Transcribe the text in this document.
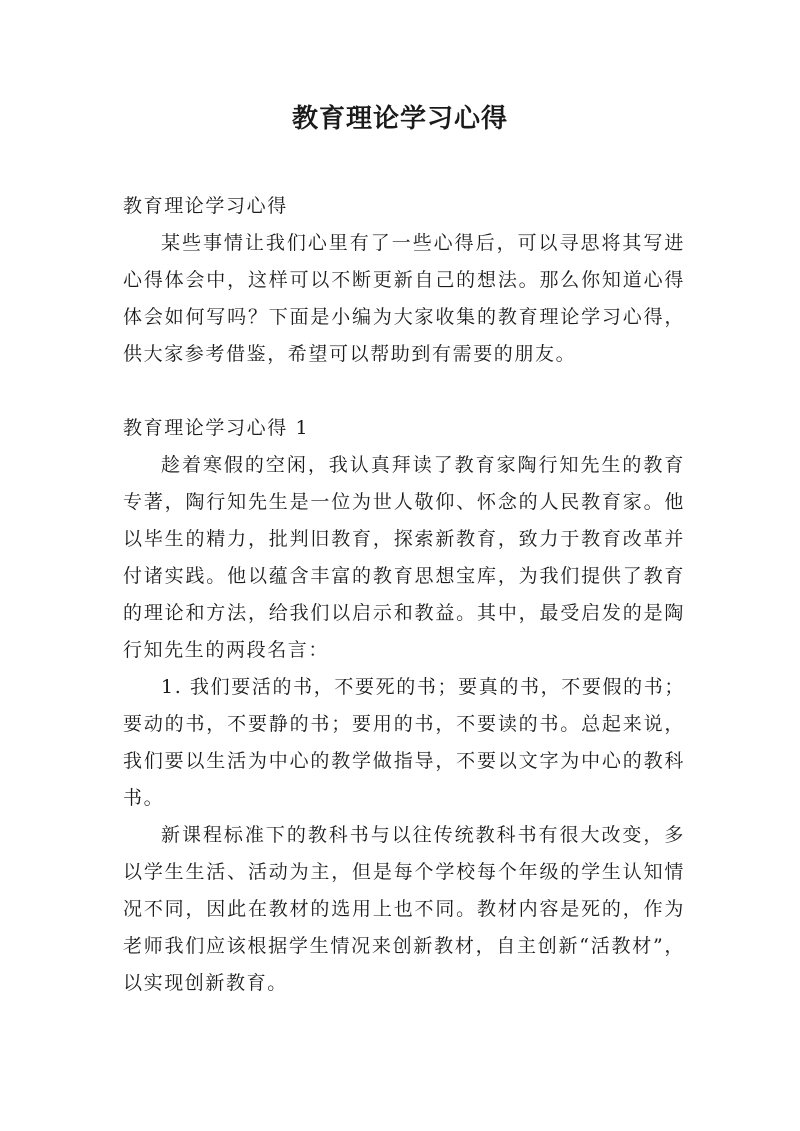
教育理论学习心得

教育理论学习心得

某些事情让我们心里有了一些心得后，可以寻思将其写进心得体会中，这样可以不断更新自己的想法。那么你知道心得体会如何写吗？下面是小编为大家收集的教育理论学习心得，供大家参考借鉴，希望可以帮助到有需要的朋友。

教育理论学习心得 1

趁着寒假的空闲，我认真拜读了教育家陶行知先生的教育专著，陶行知先生是一位为世人敬仰、怀念的人民教育家。他以毕生的精力，批判旧教育，探索新教育，致力于教育改革并付诸实践。他以蕴含丰富的教育思想宝库，为我们提供了教育的理论和方法，给我们以启示和教益。其中，最受启发的是陶行知先生的两段名言：

1. 我们要活的书，不要死的书；要真的书，不要假的书；要动的书，不要静的书；要用的书，不要读的书。总起来说，我们要以生活为中心的教学做指导，不要以文字为中心的教科书。

新课程标准下的教科书与以往传统教科书有很大改变，多以学生生活、活动为主，但是每个学校每个年级的学生认知情况不同，因此在教材的选用上也不同。教材内容是死的，作为老师我们应该根据学生情况来创新教材，自主创新“活教材”，以实现创新教育。
